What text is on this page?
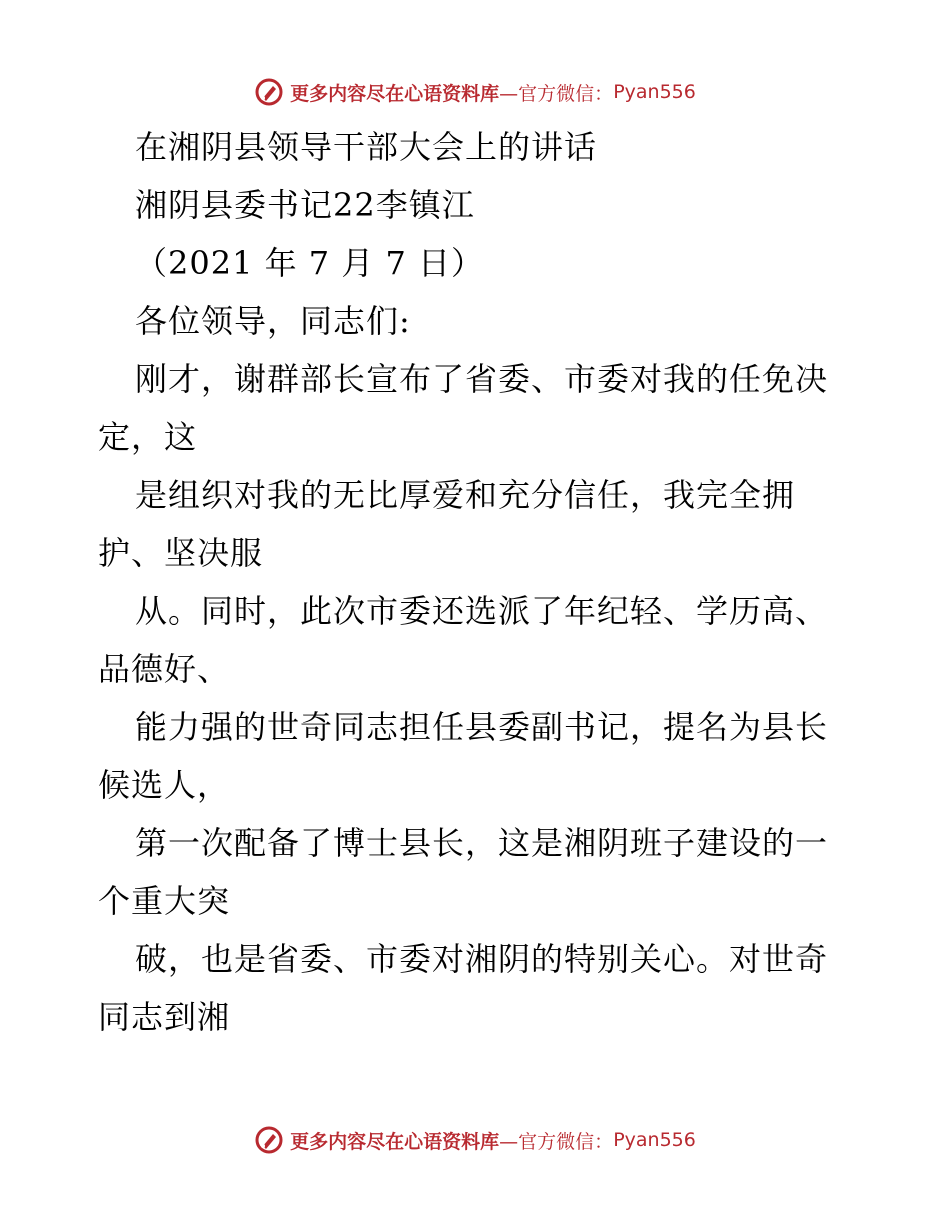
更多内容尽在心语资料库 —官方微信： Pyan556
在湘阴县领导干部大会上的讲话
湘阴县委书记22李镇江
（2021 年 7 月 7 日）
各位领导，同志们:
刚才，谢群部长宣布了省委、市委对我的任免决
定，这
是组织对我的无比厚爱和充分信任，我完全拥
护、坚决服
从。同时，此次市委还选派了年纪轻、学历高、
品德好、
能力强的世奇同志担任县委副书记，提名为县长
候选人，
第一次配备了博士县长，这是湘阴班子建设的一
个重大突
破，也是省委、市委对湘阴的特别关心。对世奇
同志到湘
更多内容尽在心语资料库 —官方微信： Pyan556
